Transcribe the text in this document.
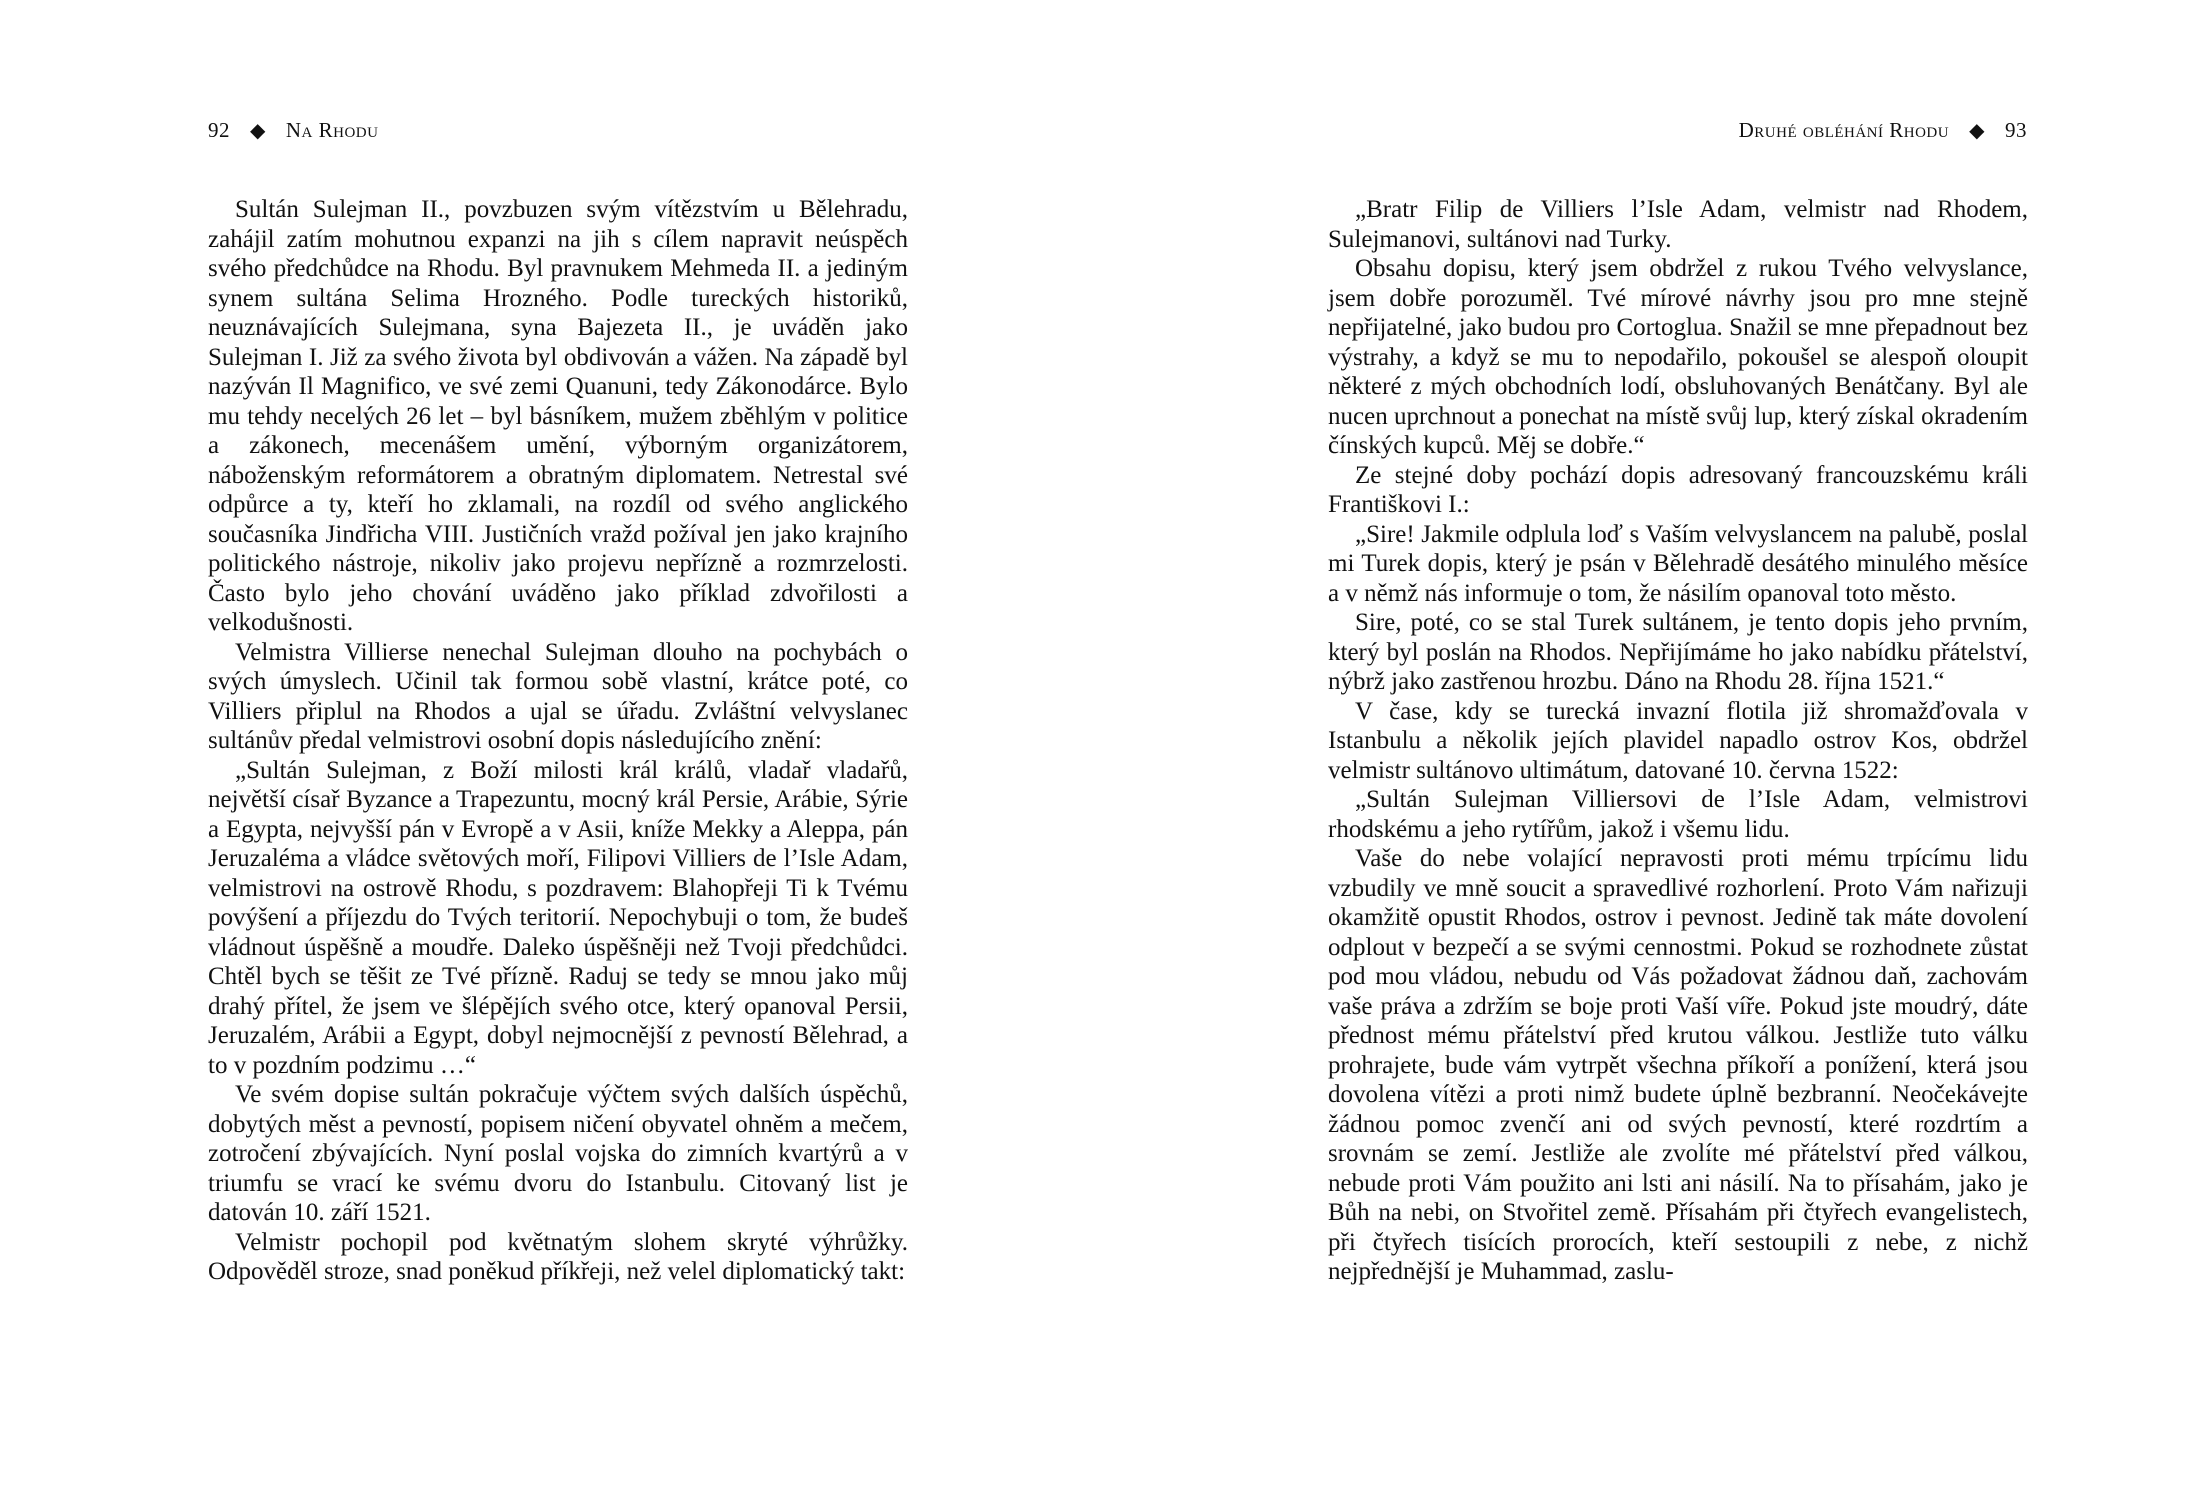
92 ◆ Na Rhodu

Sultán Sulejman II., povzbuzen svým vítězstvím u Bělehradu, zahájil zatím mohutnou expanzi na jih s cílem napravit neúspěch svého předchůdce na Rhodu. Byl pravnukem Mehmeda II. a jediným synem sultána Selima Hrozného. Podle tureckých historiků, neuznávajících Sulejmana, syna Bajezeta II., je uváděn jako Sulejman I. Již za svého života byl obdivován a vážen. Na západě byl nazýván Il Magnifico, ve své zemi Quanuni, tedy Zákonodárce. Bylo mu tehdy necelých 26 let – byl básníkem, mužem zběhlým v politice a zákonech, mecenášem umění, výborným organizátorem, náboženským reformátorem a obratným diplomatem. Netrestal své odpůrce a ty, kteří ho zklamali, na rozdíl od svého anglického současníka Jindřicha VIII. Justičních vražd požíval jen jako krajního politického nástroje, nikoliv jako projevu nepřízně a rozmrzelosti. Často bylo jeho chování uváděno jako příklad zdvořilosti a velkodušnosti.

Velmistra Villierse nenechal Sulejman dlouho na pochybách o svých úmyslech. Učinil tak formou sobě vlastní, krátce poté, co Villiers připlul na Rhodos a ujal se úřadu. Zvláštní velvyslanec sultánův předal velmistrovi osobní dopis následujícího znění:

„Sultán Sulejman, z Boží milosti král králů, vladař vladařů, největší císař Byzance a Trapezuntu, mocný král Persie, Arábie, Sýrie a Egypta, nejvyšší pán v Evropě a v Asii, kníže Mekky a Aleppa, pán Jeruzaléma a vládce světových moří, Filipovi Villiers de l’Isle Adam, velmistrovi na ostrově Rhodu, s pozdravem: Blahopřeji Ti k Tvému povýšení a příjezdu do Tvých teritorií. Nepochybuji o tom, že budeš vládnout úspěšně a moudře. Daleko úspěšněji než Tvoji předchůdci. Chtěl bych se těšit ze Tvé přízně. Raduj se tedy se mnou jako můj drahý přítel, že jsem ve šlépějích svého otce, který opanoval Persii, Jeruzalém, Arábii a Egypt, dobyl nejmocnější z pevností Bělehrad, a to v pozdním podzimu …“

Ve svém dopise sultán pokračuje výčtem svých dalších úspěchů, dobytých měst a pevností, popisem ničení obyvatel ohněm a mečem, zotročení zbývajících. Nyní poslal vojska do zimních kvartýrů a v triumfu se vrací ke svému dvoru do Istanbulu. Citovaný list je datován 10. září 1521.

Velmistr pochopil pod květnatým slohem skryté výhrůžky. Odpověděl stroze, snad poněkud příkřeji, než velel diplomatický takt:

Druhé obléhání Rhodu ◆ 93

„Bratr Filip de Villiers l’Isle Adam, velmistr nad Rhodem, Sulejmanovi, sultánovi nad Turky.

Obsahu dopisu, který jsem obdržel z rukou Tvého velvyslance, jsem dobře porozuměl. Tvé mírové návrhy jsou pro mne stejně nepřijatelné, jako budou pro Cortoglua. Snažil se mne přepadnout bez výstrahy, a když se mu to nepodařilo, pokoušel se alespoň oloupit některé z mých obchodních lodí, obsluhovaných Benátčany. Byl ale nucen uprchnout a ponechat na místě svůj lup, který získal okradením čínských kupců. Měj se dobře.“

Ze stejné doby pochází dopis adresovaný francouzskému králi Františkovi I.:

„Sire! Jakmile odplula loď s Vaším velvyslancem na palubě, poslal mi Turek dopis, který je psán v Bělehradě desátého minulého měsíce a v němž nás informuje o tom, že násilím opanoval toto město.

Sire, poté, co se stal Turek sultánem, je tento dopis jeho prvním, který byl poslán na Rhodos. Nepřijímáme ho jako nabídku přátelství, nýbrž jako zastřenou hrozbu. Dáno na Rhodu 28. října 1521.“

V čase, kdy se turecká invazní flotila již shromažďovala v Istanbulu a několik jejích plavidel napadlo ostrov Kos, obdržel velmistr sultánovo ultimátum, datované 10. června 1522:

„Sultán Sulejman Villiersovi de l’Isle Adam, velmistrovi rhodskému a jeho rytířům, jakož i všemu lidu.

Vaše do nebe volající nepravosti proti mému trpícímu lidu vzbudily ve mně soucit a spravedlivé rozhorlení. Proto Vám nařizuji okamžitě opustit Rhodos, ostrov i pevnost. Jedině tak máte dovolení odplout v bezpečí a se svými cennostmi. Pokud se rozhodnete zůstat pod mou vládou, nebudu od Vás požadovat žádnou daň, zachovám vaše práva a zdržím se boje proti Vaší víře. Pokud jste moudrý, dáte přednost mému přátelství před krutou válkou. Jestliže tuto válku prohrajete, bude vám vytrpět všechna příkoří a ponížení, která jsou dovolena vítězi a proti nimž budete úplně bezbranní. Neočekávejte žádnou pomoc zvenčí ani od svých pevností, které rozdrtím a srovnám se zemí. Jestliže ale zvolíte mé přátelství před válkou, nebude proti Vám použito ani lsti ani násilí. Na to přísahám, jako je Bůh na nebi, on Stvořitel země. Přísahám při čtyřech evangelistech, při čtyřech tisících prorocích, kteří sestoupili z nebe, z nichž nejpřednější je Muhammad, zaslu-
